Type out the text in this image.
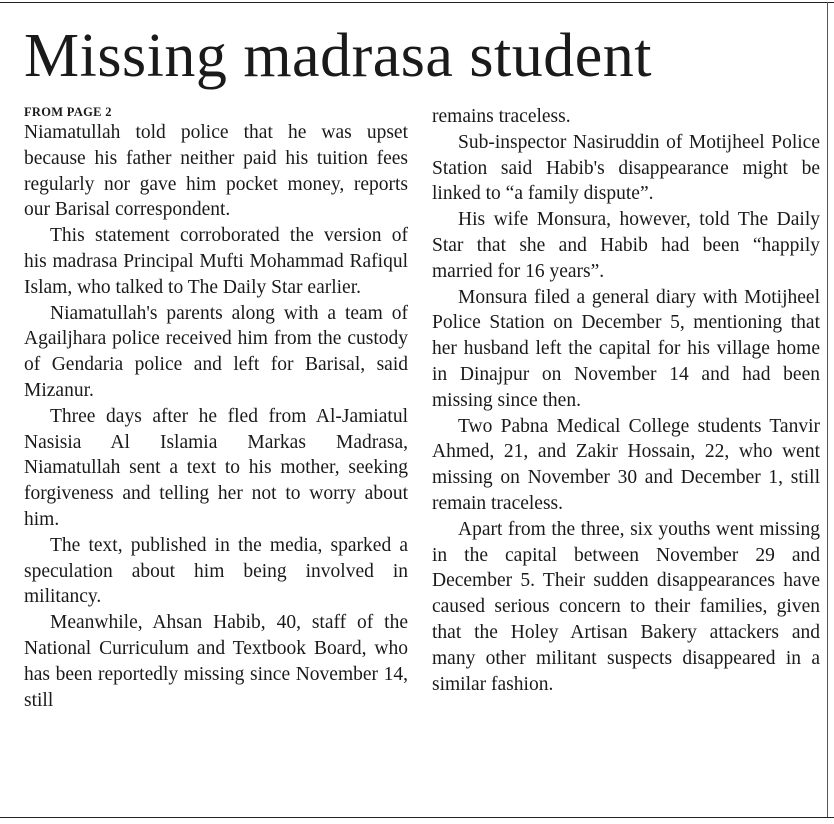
Missing madrasa student
FROM PAGE 2

Niamatullah told police that he was upset because his father neither paid his tuition fees regularly nor gave him pocket money, reports our Barisal correspondent.

This statement corroborated the version of his madrasa Principal Mufti Mohammad Rafiqul Islam, who talked to The Daily Star earlier.

Niamatullah's parents along with a team of Agailjhara police received him from the custody of Gendaria police and left for Barisal, said Mizanur.

Three days after he fled from Al-Jamiatul Nasisia Al Islamia Markas Madrasa, Niamatullah sent a text to his mother, seeking forgiveness and telling her not to worry about him.

The text, published in the media, sparked a speculation about him being involved in militancy.

Meanwhile, Ahsan Habib, 40, staff of the National Curriculum and Textbook Board, who has been reportedly missing since November 14, still

remains traceless.

Sub-inspector Nasiruddin of Motijheel Police Station said Habib's disappearance might be linked to “a family dispute”.

His wife Monsura, however, told The Daily Star that she and Habib had been “happily married for 16 years”.

Monsura filed a general diary with Motijheel Police Station on December 5, mentioning that her husband left the capital for his village home in Dinajpur on November 14 and had been missing since then.

Two Pabna Medical College students Tanvir Ahmed, 21, and Zakir Hossain, 22, who went missing on November 30 and December 1, still remain traceless.

Apart from the three, six youths went missing in the capital between November 29 and December 5. Their sudden disappearances have caused serious concern to their families, given that the Holey Artisan Bakery attackers and many other militant suspects disappeared in a similar fashion.
